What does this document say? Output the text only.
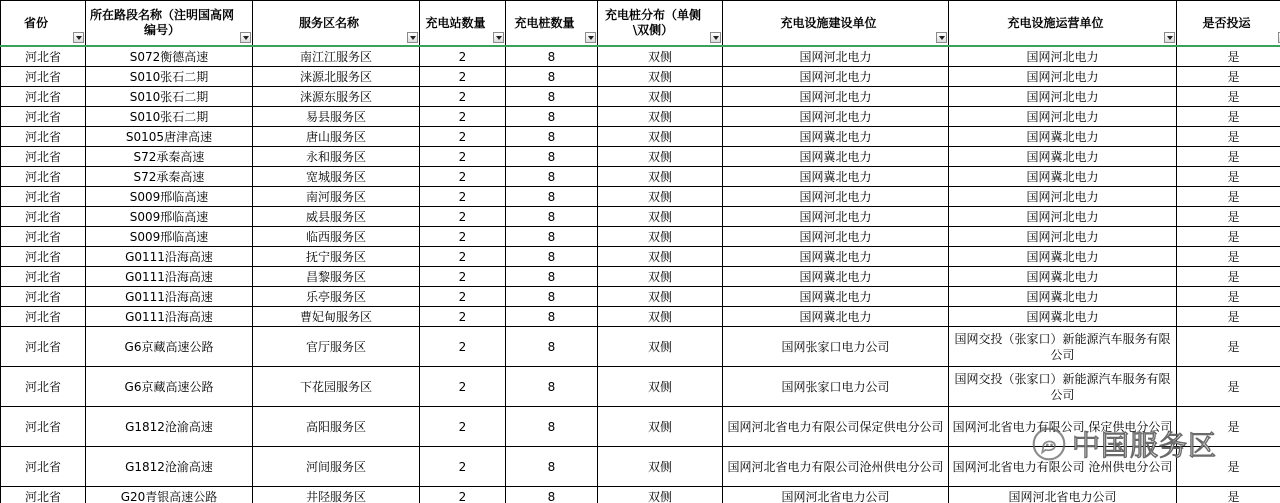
省份	所在路段名称（注明国高网编号）	服务区名称	充电站数量	充电桩数量	充电桩分布（单侧\双侧）	充电设施建设单位	充电设施运营单位	是否投运

河北省	S072衡德高速	南江江服务区	2	8	双侧	国网河北电力	国网河北电力	是
河北省	S010张石二期	涞源北服务区	2	8	双侧	国网河北电力	国网河北电力	是
河北省	S010张石二期	涞源东服务区	2	8	双侧	国网河北电力	国网河北电力	是
河北省	S010张石二期	易县服务区	2	8	双侧	国网河北电力	国网河北电力	是
河北省	S0105唐津高速	唐山服务区	2	8	双侧	国网冀北电力	国网冀北电力	是
河北省	S72承秦高速	永和服务区	2	8	双侧	国网冀北电力	国网冀北电力	是
河北省	S72承秦高速	宽城服务区	2	8	双侧	国网冀北电力	国网冀北电力	是
河北省	S009邢临高速	南河服务区	2	8	双侧	国网河北电力	国网河北电力	是
河北省	S009邢临高速	威县服务区	2	8	双侧	国网河北电力	国网河北电力	是
河北省	S009邢临高速	临西服务区	2	8	双侧	国网河北电力	国网河北电力	是
河北省	G0111沿海高速	抚宁服务区	2	8	双侧	国网冀北电力	国网冀北电力	是
河北省	G0111沿海高速	昌黎服务区	2	8	双侧	国网冀北电力	国网冀北电力	是
河北省	G0111沿海高速	乐亭服务区	2	8	双侧	国网冀北电力	国网冀北电力	是
河北省	G0111沿海高速	曹妃甸服务区	2	8	双侧	国网冀北电力	国网冀北电力	是
河北省	G6京藏高速公路	官厅服务区	2	8	双侧	国网张家口电力公司	国网交投（张家口）新能源汽车服务有限公司	是
河北省	G6京藏高速公路	下花园服务区	2	8	双侧	国网张家口电力公司	国网交投（张家口）新能源汽车服务有限公司	是
河北省	G1812沧渝高速	高阳服务区	2	8	双侧	国网河北省电力有限公司保定供电分公司	国网河北省电力有限公司 保定供电分公司	是
河北省	G1812沧渝高速	河间服务区	2	8	双侧	国网河北省电力有限公司沧州供电分公司	国网河北省电力有限公司 沧州供电分公司	是
河北省	G20青银高速公路	井陉服务区	2	8	双侧	国网河北省电力公司	国网河北省电力公司	是
中国服务区
